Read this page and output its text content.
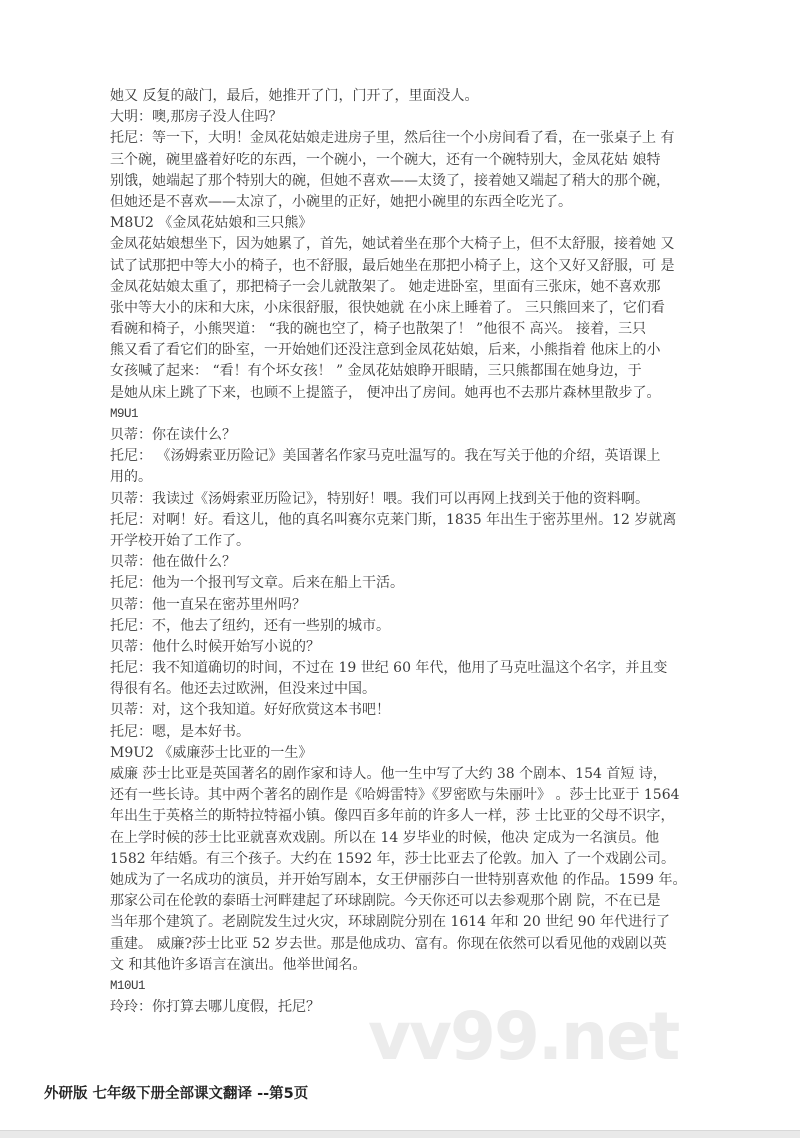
vv99.net
她又 反复的敲门，最后，她推开了门，门开了，里面没人。
大明：噢,那房子没人住吗？
托尼：等一下，大明！金凤花姑娘走进房子里，然后往一个小房间看了看，在一张桌子上 有
三个碗，碗里盛着好吃的东西，一个碗小，一个碗大，还有一个碗特别大，金凤花姑 娘特
别饿，她端起了那个特别大的碗，但她不喜欢——太烫了，接着她又端起了稍大的那个碗，
但她还是不喜欢——太凉了，小碗里的正好，她把小碗里的东西全吃光了。
M8U2 《金凤花姑娘和三只熊》
金凤花姑娘想坐下，因为她累了，首先，她试着坐在那个大椅子上，但不太舒服，接着她 又
试了试那把中等大小的椅子，也不舒服，最后她坐在那把小椅子上，这个又好又舒服，可 是
金凤花姑娘太重了，那把椅子一会儿就散架了。 她走进卧室，里面有三张床，她不喜欢那
张中等大小的床和大床，小床很舒服，很快她就 在小床上睡着了。 三只熊回来了，它们看
看碗和椅子，小熊哭道： “我的碗也空了，椅子也散架了！ ”他很不 高兴。 接着，三只
熊又看了看它们的卧室，一开始她们还没注意到金凤花姑娘，后来，小熊指着 他床上的小
女孩喊了起来： “看！有个坏女孩！ ” 金凤花姑娘睁开眼睛，三只熊都围在她身边，于
是她从床上跳了下来，也顾不上提篮子， 便冲出了房间。她再也不去那片森林里散步了。
M9U1
贝蒂：你在读什么？
托尼： 《汤姆索亚历险记》美国著名作家马克吐温写的。我在写关于他的介绍，英语课上
用的。
贝蒂：我读过《汤姆索亚历险记》，特别好！喂。我们可以再网上找到关于他的资料啊。
托尼：对啊！好。看这儿，他的真名叫赛尔克莱门斯，1835 年出生于密苏里州。12 岁就离
开学校开始了工作了。
贝蒂：他在做什么？
托尼：他为一个报刊写文章。后来在船上干活。
贝蒂：他一直呆在密苏里州吗？
托尼：不，他去了纽约，还有一些别的城市。
贝蒂：他什么时候开始写小说的？
托尼：我不知道确切的时间，不过在 19 世纪 60 年代，他用了马克吐温这个名字，并且变
得很有名。他还去过欧洲，但没来过中国。
贝蒂：对，这个我知道。好好欣赏这本书吧！
托尼：嗯，是本好书。
M9U2 《威廉莎士比亚的一生》
威廉 莎士比亚是英国著名的剧作家和诗人。他一生中写了大约 38 个剧本、154 首短 诗，
还有一些长诗。其中两个著名的剧作是《哈姆雷特》《罗密欧与朱丽叶》 。莎士比亚于 1564
年出生于英格兰的斯特拉特福小镇。像四百多年前的许多人一样，莎 士比亚的父母不识字，
在上学时候的莎士比亚就喜欢戏剧。所以在 14 岁毕业的时候，他决 定成为一名演员。他
1582 年结婚。有三个孩子。大约在 1592 年，莎士比亚去了伦敦。加入 了一个戏剧公司。
她成为了一名成功的演员，并开始写剧本，女王伊丽莎白一世特别喜欢他 的作品。1599 年。
那家公司在伦敦的泰晤士河畔建起了环球剧院。今天你还可以去参观那个剧 院，不在已是
当年那个建筑了。老剧院发生过火灾，环球剧院分别在 1614 年和 20 世纪 90 年代进行了
重建。 威廉?莎士比亚 52 岁去世。那是他成功、富有。你现在依然可以看见他的戏剧以英
文 和其他许多语言在演出。他举世闻名。
M10U1
玲玲：你打算去哪儿度假，托尼？
外研版 七年级下册全部课文翻译 --第5页
